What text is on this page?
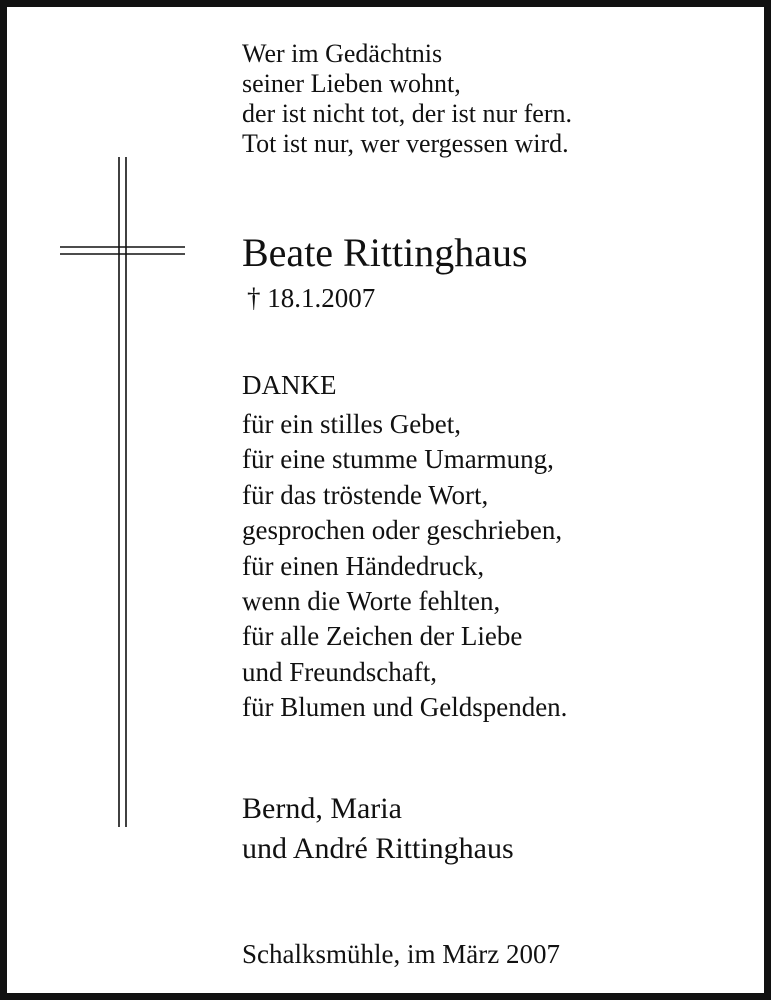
Wer im Gedächtnis
seiner Lieben wohnt,
der ist nicht tot, der ist nur fern.
Tot ist nur, wer vergessen wird.
Beate Rittinghaus
† 18.1.2007
DANKE
für ein stilles Gebet,
für eine stumme Umarmung,
für das tröstende Wort,
gesprochen oder geschrieben,
für einen Händedruck,
wenn die Worte fehlten,
für alle Zeichen der Liebe
und Freundschaft,
für Blumen und Geldspenden.
Bernd, Maria
und André Rittinghaus
Schalksmühle, im März 2007
